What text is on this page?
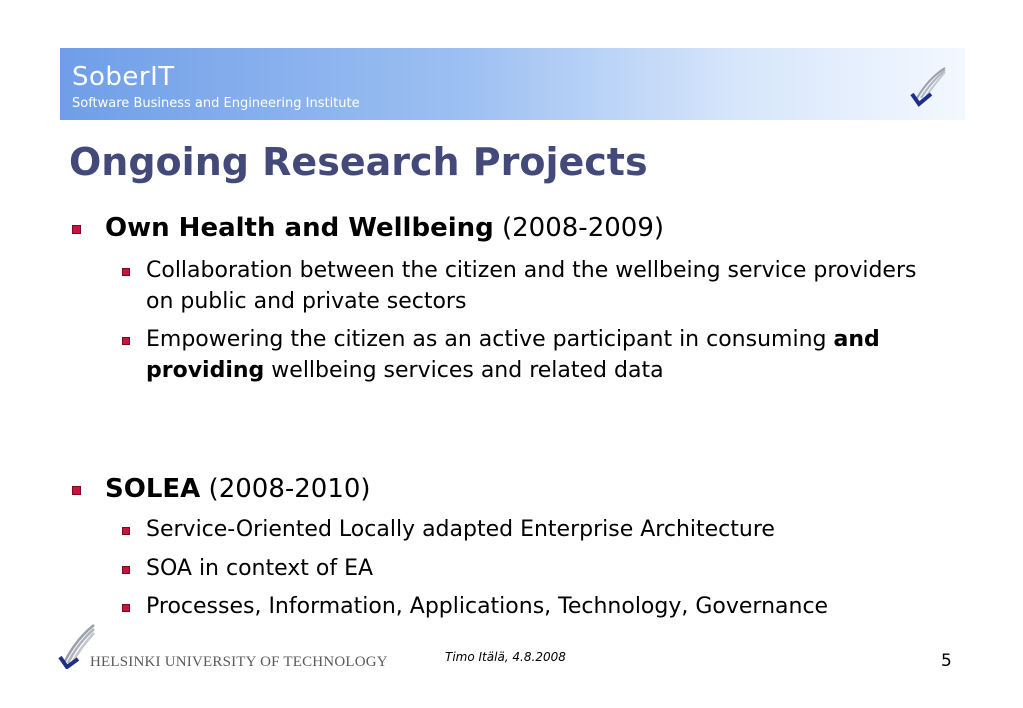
SoberIT
Software Business and Engineering Institute
Ongoing Research Projects
Own Health and Wellbeing (2008-2009)
Collaboration between the citizen and the wellbeing service providers on public and private sectors
Empowering the citizen as an active participant in consuming and providing wellbeing services and related data
SOLEA (2008-2010)
Service-Oriented Locally adapted Enterprise Architecture
SOA in context of EA
Processes, Information, Applications, Technology, Governance
HELSINKI UNIVERSITY OF TECHNOLOGY	Timo Itälä, 4.8.2008	5
